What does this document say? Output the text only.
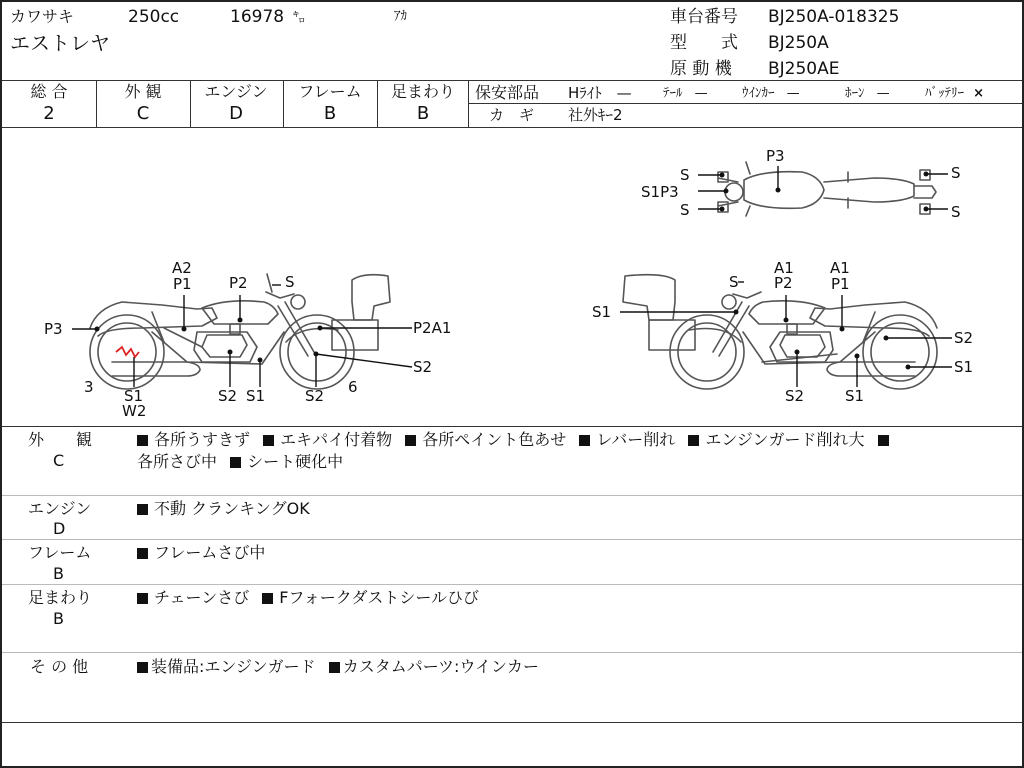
カワサキ
エストレヤ
250cc	16978 ㌔	ｱｶ	車台番号 BJ250A-018325
型　　式 BJ250A
原 動 機 BJ250AE
総 合
2
外 観
C
エンジン
D
フレーム
B
足まわり
B
保安部品 Hﾗｲﾄ — ﾃｰﾙ —	ｳｲﾝｶｰ —	ﾎｰﾝ —	ﾊﾞｯﾃﾘｰ ×
カ　ギ 社外ｷｰ2
A2
P1 P2 S
P3	P2A1
S2
3 S1
W2
S2 S1	S2 6
S
A1
P2
A1
P1
S1
S2
S1
S2	S1
P3
S
S1P3
S
S
S
外　　観
C
各所うすきず エキパイ付着物 各所ペイント色あせ レバー削れ エンジンガード削れ大
各所さび中 シート硬化中
エンジン
D
不動 クランキングOK
フレーム
B
フレームさび中
足まわり
B
チェーンさび Fフォークダストシールひび
そ の 他	装備品:エンジンガード カスタムパーツ:ウインカー
